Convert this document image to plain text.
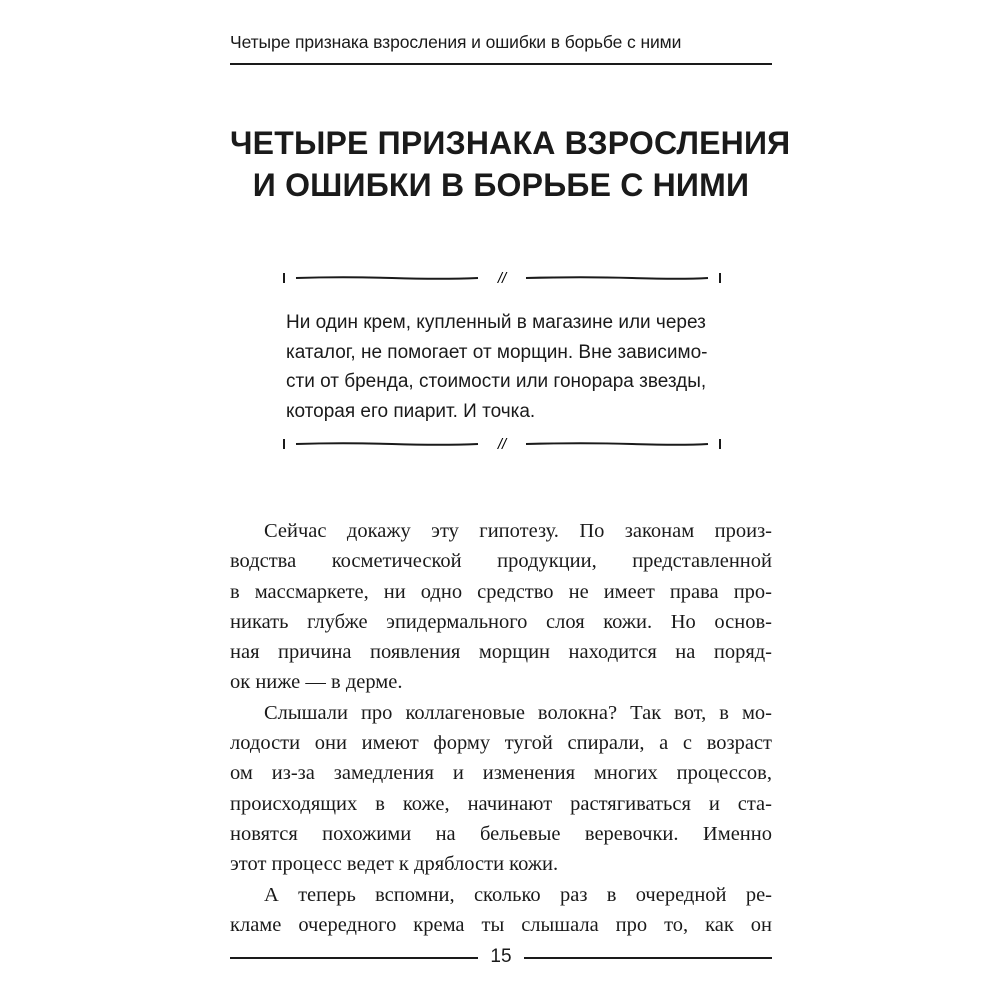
Четыре признака взросления и ошибки в борьбе с ними
ЧЕТЫРЕ ПРИЗНАКА ВЗРОСЛЕНИЯ
И ОШИБКИ В БОРЬБЕ С НИМИ
//
Ни один крем, купленный в магазине или через
каталог, не помогает от морщин. Вне зависимо-
сти от бренда, стоимости или гонорара звезды,
которая его пиарит. И точка.
//
Сейчас докажу эту гипотезу. По законам произ-
водства косметической продукции, представленной
в массмаркете, ни одно средство не имеет права про-
никать глубже эпидермального слоя кожи. Но основ-
ная причина появления морщин находится на поряд-
ок ниже — в дерме.
Слышали про коллагеновые волокна? Так вот, в мо-
лодости они имеют форму тугой спирали, а с возраст
ом из-за замедления и изменения многих процессов,
происходящих в коже, начинают растягиваться и ста-
новятся похожими на бельевые веревочки. Именно
этот процесс ведет к дряблости кожи.
А теперь вспомни, сколько раз в очередной ре-
кламе очередного крема ты слышала про то, как он
15
